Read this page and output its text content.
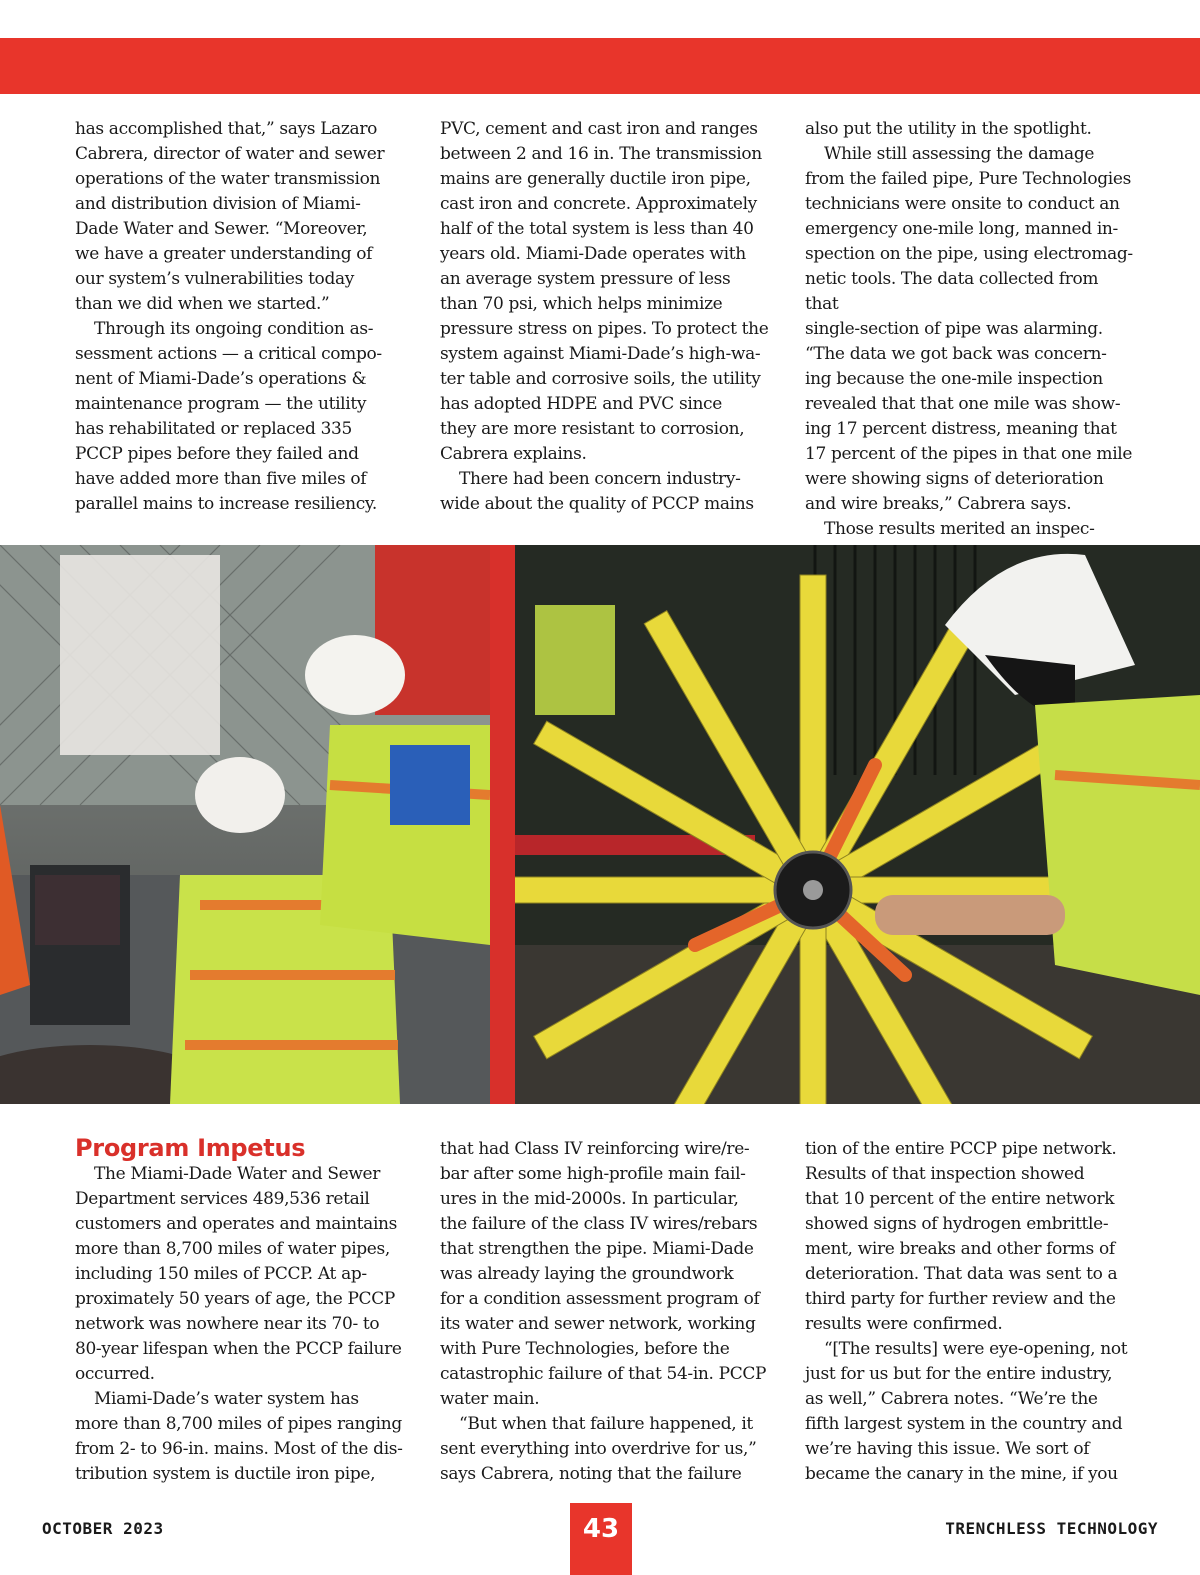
has accomplished that,” says Lazaro
Cabrera, director of water and sewer
operations of the water transmission
and distribution division of Miami-
Dade Water and Sewer. “Moreover,
we have a greater understanding of
our system’s vulnerabilities today
than we did when we started.”

Through its ongoing condition as-
sessment actions — a critical compo-
nent of Miami-Dade’s operations &
maintenance program — the utility
has rehabilitated or replaced 335
PCCP pipes before they failed and
have added more than five miles of
parallel mains to increase resiliency.

PVC, cement and cast iron and ranges
between 2 and 16 in. The transmission
mains are generally ductile iron pipe,
cast iron and concrete. Approximately
half of the total system is less than 40
years old. Miami-Dade operates with
an average system pressure of less
than 70 psi, which helps minimize
pressure stress on pipes. To protect the
system against Miami-Dade’s high-wa-
ter table and corrosive soils, the utility
has adopted HDPE and PVC since
they are more resistant to corrosion,
Cabrera explains.

There had been concern industry-
wide about the quality of PCCP mains

also put the utility in the spotlight.

While still assessing the damage
from the failed pipe, Pure Technologies
technicians were onsite to conduct an
emergency one-mile long, manned in-
spection on the pipe, using electromag-
netic tools. The data collected from that
single-section of pipe was alarming.
“The data we got back was concern-
ing because the one-mile inspection
revealed that that one mile was show-
ing 17 percent distress, meaning that
17 percent of the pipes in that one mile
were showing signs of deterioration
and wire breaks,” Cabrera says.

Those results merited an inspec-

Program Impetus

The Miami-Dade Water and Sewer
Department services 489,536 retail
customers and operates and maintains
more than 8,700 miles of water pipes,
including 150 miles of PCCP. At ap-
proximately 50 years of age, the PCCP
network was nowhere near its 70- to
80-year lifespan when the PCCP failure
occurred.

Miami-Dade’s water system has
more than 8,700 miles of pipes ranging
from 2- to 96-in. mains. Most of the dis-
tribution system is ductile iron pipe,

that had Class IV reinforcing wire/re-
bar after some high-profile main fail-
ures in the mid-2000s. In particular,
the failure of the class IV wires/rebars
that strengthen the pipe. Miami-Dade
was already laying the groundwork
for a condition assessment program of
its water and sewer network, working
with Pure Technologies, before the
catastrophic failure of that 54-in. PCCP
water main.

“But when that failure happened, it
sent everything into overdrive for us,”
says Cabrera, noting that the failure

tion of the entire PCCP pipe network.
Results of that inspection showed
that 10 percent of the entire network
showed signs of hydrogen embrittle-
ment, wire breaks and other forms of
deterioration. That data was sent to a
third party for further review and the
results were confirmed.

“[The results] were eye-opening, not
just for us but for the entire industry,
as well,” Cabrera notes. “We’re the
fifth largest system in the country and
we’re having this issue. We sort of
became the canary in the mine, if you

OCTOBER 2023	43	TRENCHLESS TECHNOLOGY
